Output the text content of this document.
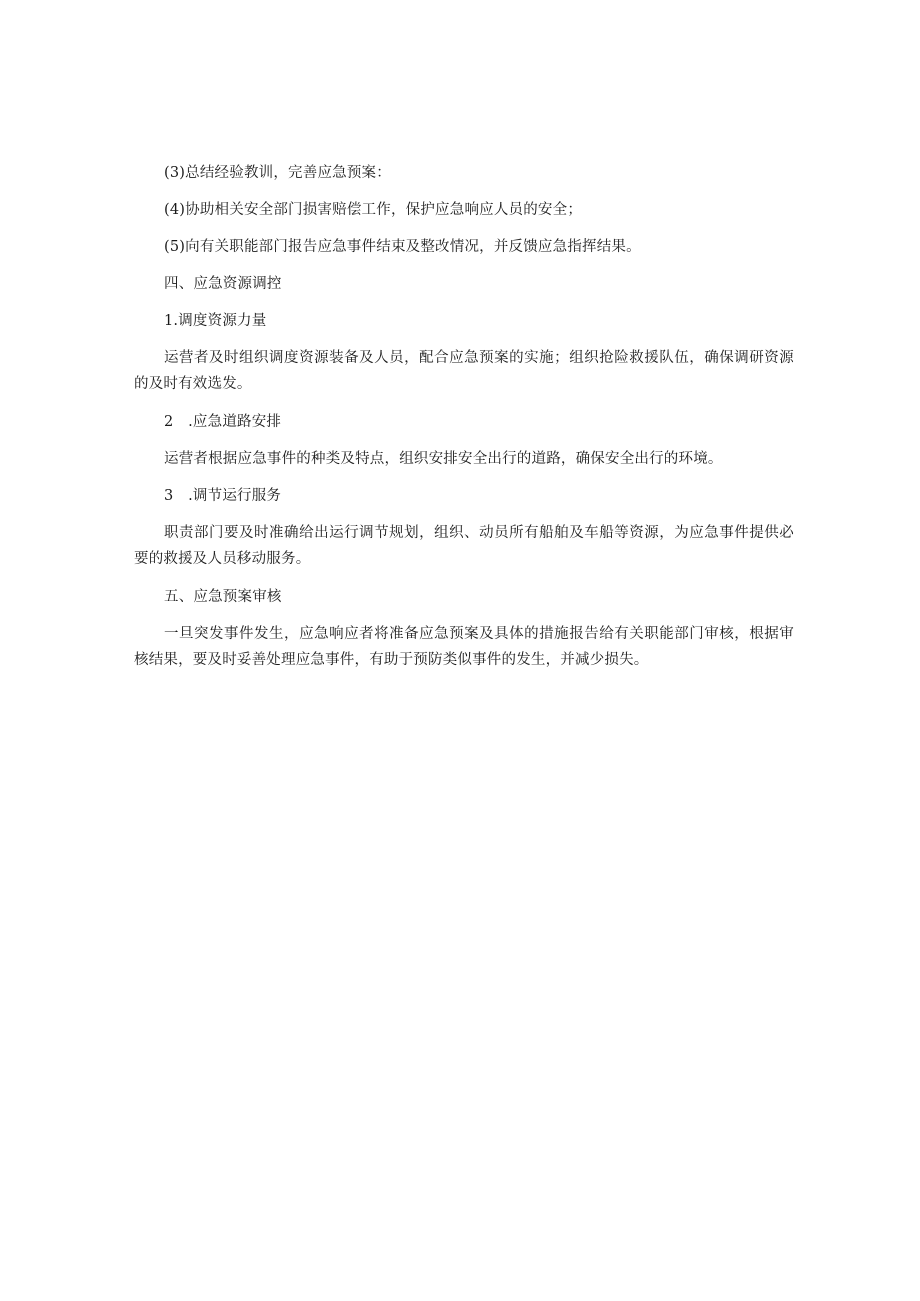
(3)总结经验教训，完善应急预案：

(4)协助相关安全部门损害赔偿工作，保护应急响应人员的安全；

(5)向有关职能部门报告应急事件结束及整改情况，并反馈应急指挥结果。

四、应急资源调控

1.调度资源力量

运营者及时组织调度资源装备及人员，配合应急预案的实施；组织抢险救援队伍，确保调研资源的及时有效选发。

2　.应急道路安排

运营者根据应急事件的种类及特点，组织安排安全出行的道路，确保安全出行的环境。

3　.调节运行服务

职责部门要及时准确给出运行调节规划，组织、动员所有船舶及车船等资源，为应急事件提供必要的救援及人员移动服务。

五、应急预案审核

一旦突发事件发生，应急响应者将准备应急预案及具体的措施报告给有关职能部门审核，根据审核结果，要及时妥善处理应急事件，有助于预防类似事件的发生，并减少损失。
